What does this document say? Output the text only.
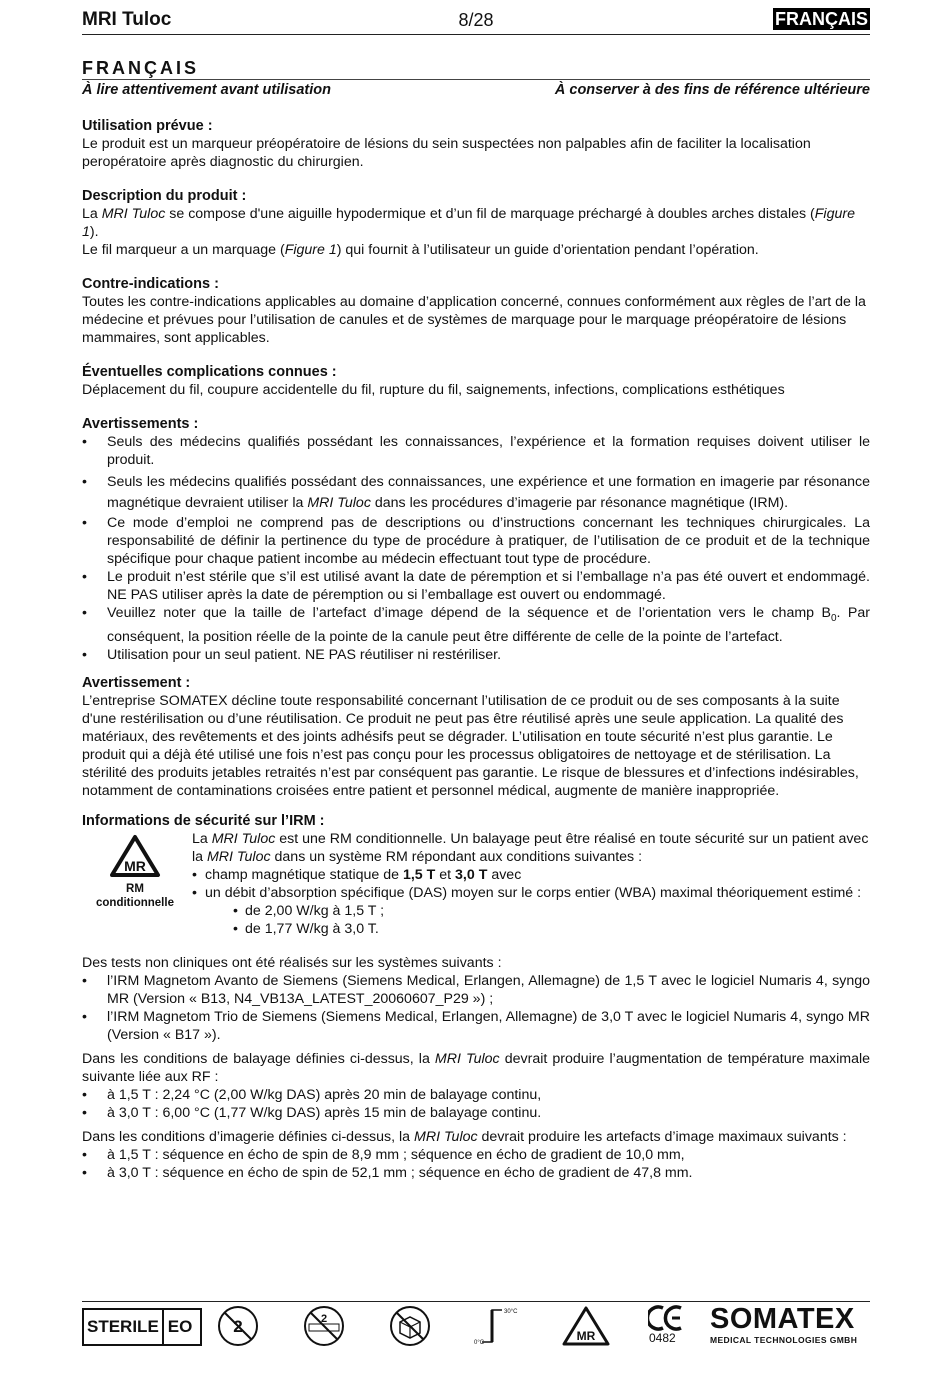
MRI Tuloc	8/28	FRANÇAIS
FRANÇAIS
À lire attentivement avant utilisation	À conserver à des fins de référence ultérieure
Utilisation prévue :

Le produit est un marqueur préopératoire de lésions du sein suspectées non palpables afin de faciliter la localisation peropératoire après diagnostic du chirurgien.

Description du produit :

La MRI Tuloc se compose d'une aiguille hypodermique et d’un fil de marquage préchargé à doubles arches distales (Figure 1).

Le fil marqueur a un marquage (Figure 1) qui fournit à l’utilisateur un guide d’orientation pendant l’opération.

Contre-indications :

Toutes les contre-indications applicables au domaine d’application concerné, connues conformément aux règles de l’art de la médecine et prévues pour l’utilisation de canules et de systèmes de marquage pour le marquage préopératoire de lésions mammaires, sont applicables.

Éventuelles complications connues :

Déplacement du fil, coupure accidentelle du fil, rupture du fil, saignements, infections, complications esthétiques

Avertissements :
• Seuls des médecins qualifiés possédant les connaissances, l’expérience et la formation requises doivent utiliser le produit.
• Seuls les médecins qualifiés possédant des connaissances, une expérience et une formation en imagerie par résonance magnétique devraient utiliser la MRI Tuloc dans les procédures d’imagerie par résonance magnétique (IRM).
• Ce mode d’emploi ne comprend pas de descriptions ou d’instructions concernant les techniques chirurgicales. La responsabilité de définir la pertinence du type de procédure à pratiquer, de l’utilisation de ce produit et de la technique spécifique pour chaque patient incombe au médecin effectuant tout type de procédure.
• Le produit n’est stérile que s’il est utilisé avant la date de péremption et si l’emballage n’a pas été ouvert et endommagé. NE PAS utiliser après la date de péremption ou si l’emballage est ouvert ou endommagé.
• Veuillez noter que la taille de l’artefact d’image dépend de la séquence et de l’orientation vers le champ $B_0$. Par conséquent, la position réelle de la pointe de la canule peut être différente de celle de la pointe de l’artefact.
• Utilisation pour un seul patient. NE PAS réutiliser ni restériliser.
Avertissement :

L’entreprise SOMATEX décline toute responsabilité concernant l’utilisation de ce produit ou de ses composants à la suite d'une restérilisation ou d’une réutilisation. Ce produit ne peut pas être réutilisé après une seule application. La qualité des matériaux, des revêtements et des joints adhésifs peut se dégrader. L’utilisation en toute sécurité n’est plus garantie. Le produit qui a déjà été utilisé une fois n’est pas conçu pour les processus obligatoires de nettoyage et de stérilisation. La stérilité des produits jetables retraités n’est par conséquent pas garantie. Le risque de blessures et d’infections indésirables, notamment de contaminations croisées entre patient et personnel médical, augmente de manière inappropriée.

Informations de sécurité sur l’IRM :
MR
RM
conditionnelle

La MRI Tuloc est une RM conditionnelle. Un balayage peut être réalisé en toute sécurité sur un patient avec la MRI Tuloc dans un système RM répondant aux conditions suivantes :

• champ magnétique statique de 1,5 T et 3,0 T avec
• un débit d’absorption spécifique (DAS) moyen sur le corps entier (WBA) maximal théoriquement estimé :
• de 2,00 W/kg à 1,5 T ;
• de 1,77 W/kg à 3,0 T.

Des tests non cliniques ont été réalisés sur les systèmes suivants :

• l’IRM Magnetom Avanto de Siemens (Siemens Medical, Erlangen, Allemagne) de 1,5 T avec le logiciel Numaris 4, syngo MR (Version « B13, N4_VB13A_LATEST_20060607_P29 ») ;
• l’IRM Magnetom Trio de Siemens (Siemens Medical, Erlangen, Allemagne) de 3,0 T avec le logiciel Numaris 4, syngo MR (Version « B17 »).

Dans les conditions de balayage définies ci-dessus, la MRI Tuloc devrait produire l’augmentation de température maximale suivante liée aux RF :

• à 1,5 T : 2,24 °C (2,00 W/kg DAS) après 20 min de balayage continu,
• à 3,0 T : 6,00 °C (1,77 W/kg DAS) après 15 min de balayage continu.

Dans les conditions d’imagerie définies ci-dessus, la MRI Tuloc devrait produire les artefacts d’image maximaux suivants :

• à 1,5 T : séquence en écho de spin de 8,9 mm ; séquence en écho de gradient de 10,0 mm,
• à 3,0 T : séquence en écho de spin de 52,1 mm ; séquence en écho de gradient de 47,8 mm.
STERILE EO 2	2
30°C
0°C	MR	0482
SOMATEX
MEDICAL TECHNOLOGIES GMBH
